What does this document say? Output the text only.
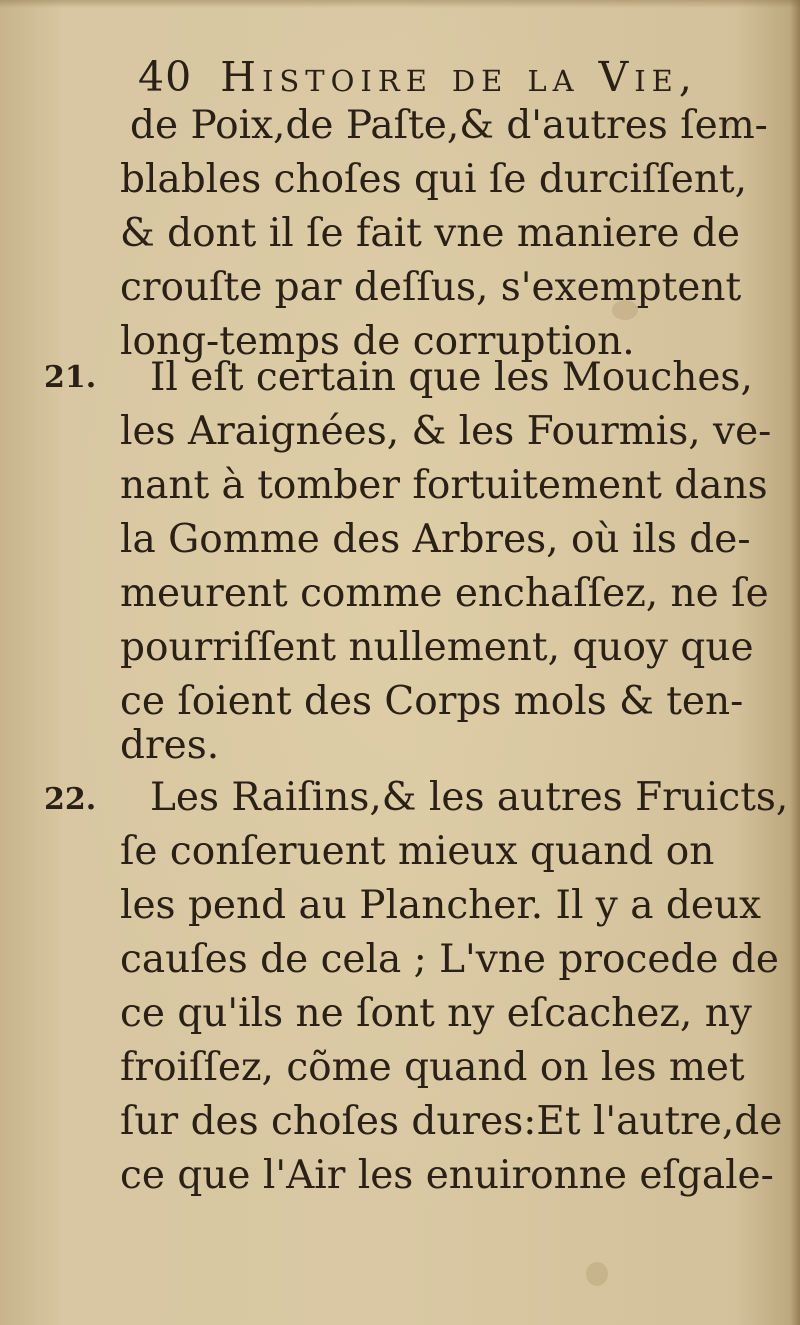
40 Histoire de la Vie,
de Poix,de Paſte,& d'autres ſem-
blables choſes qui ſe durciſſent,
& dont il ſe fait vne maniere de
crouſte par deſſus, s'exemptent
long-temps de corruption.
21. Il eſt certain que les Mouches,
les Araignées, & les Fourmis, ve-
nant à tomber fortuitement dans
la Gomme des Arbres, où ils de-
meurent comme enchaſſez, ne ſe
pourriſſent nullement, quoy que
ce ſoient des Corps mols & ten-
dres.
22. Les Raiſins,& les autres Fruicts,
ſe conſeruent mieux quand on
les pend au Plancher. Il y a deux
cauſes de cela ; L'vne procede de
ce qu'ils ne ſont ny eſcachez, ny
froiſſez, cõme quand on les met
ſur des choſes dures:Et l'autre,de
ce que l'Air les enuironne eſgale-
